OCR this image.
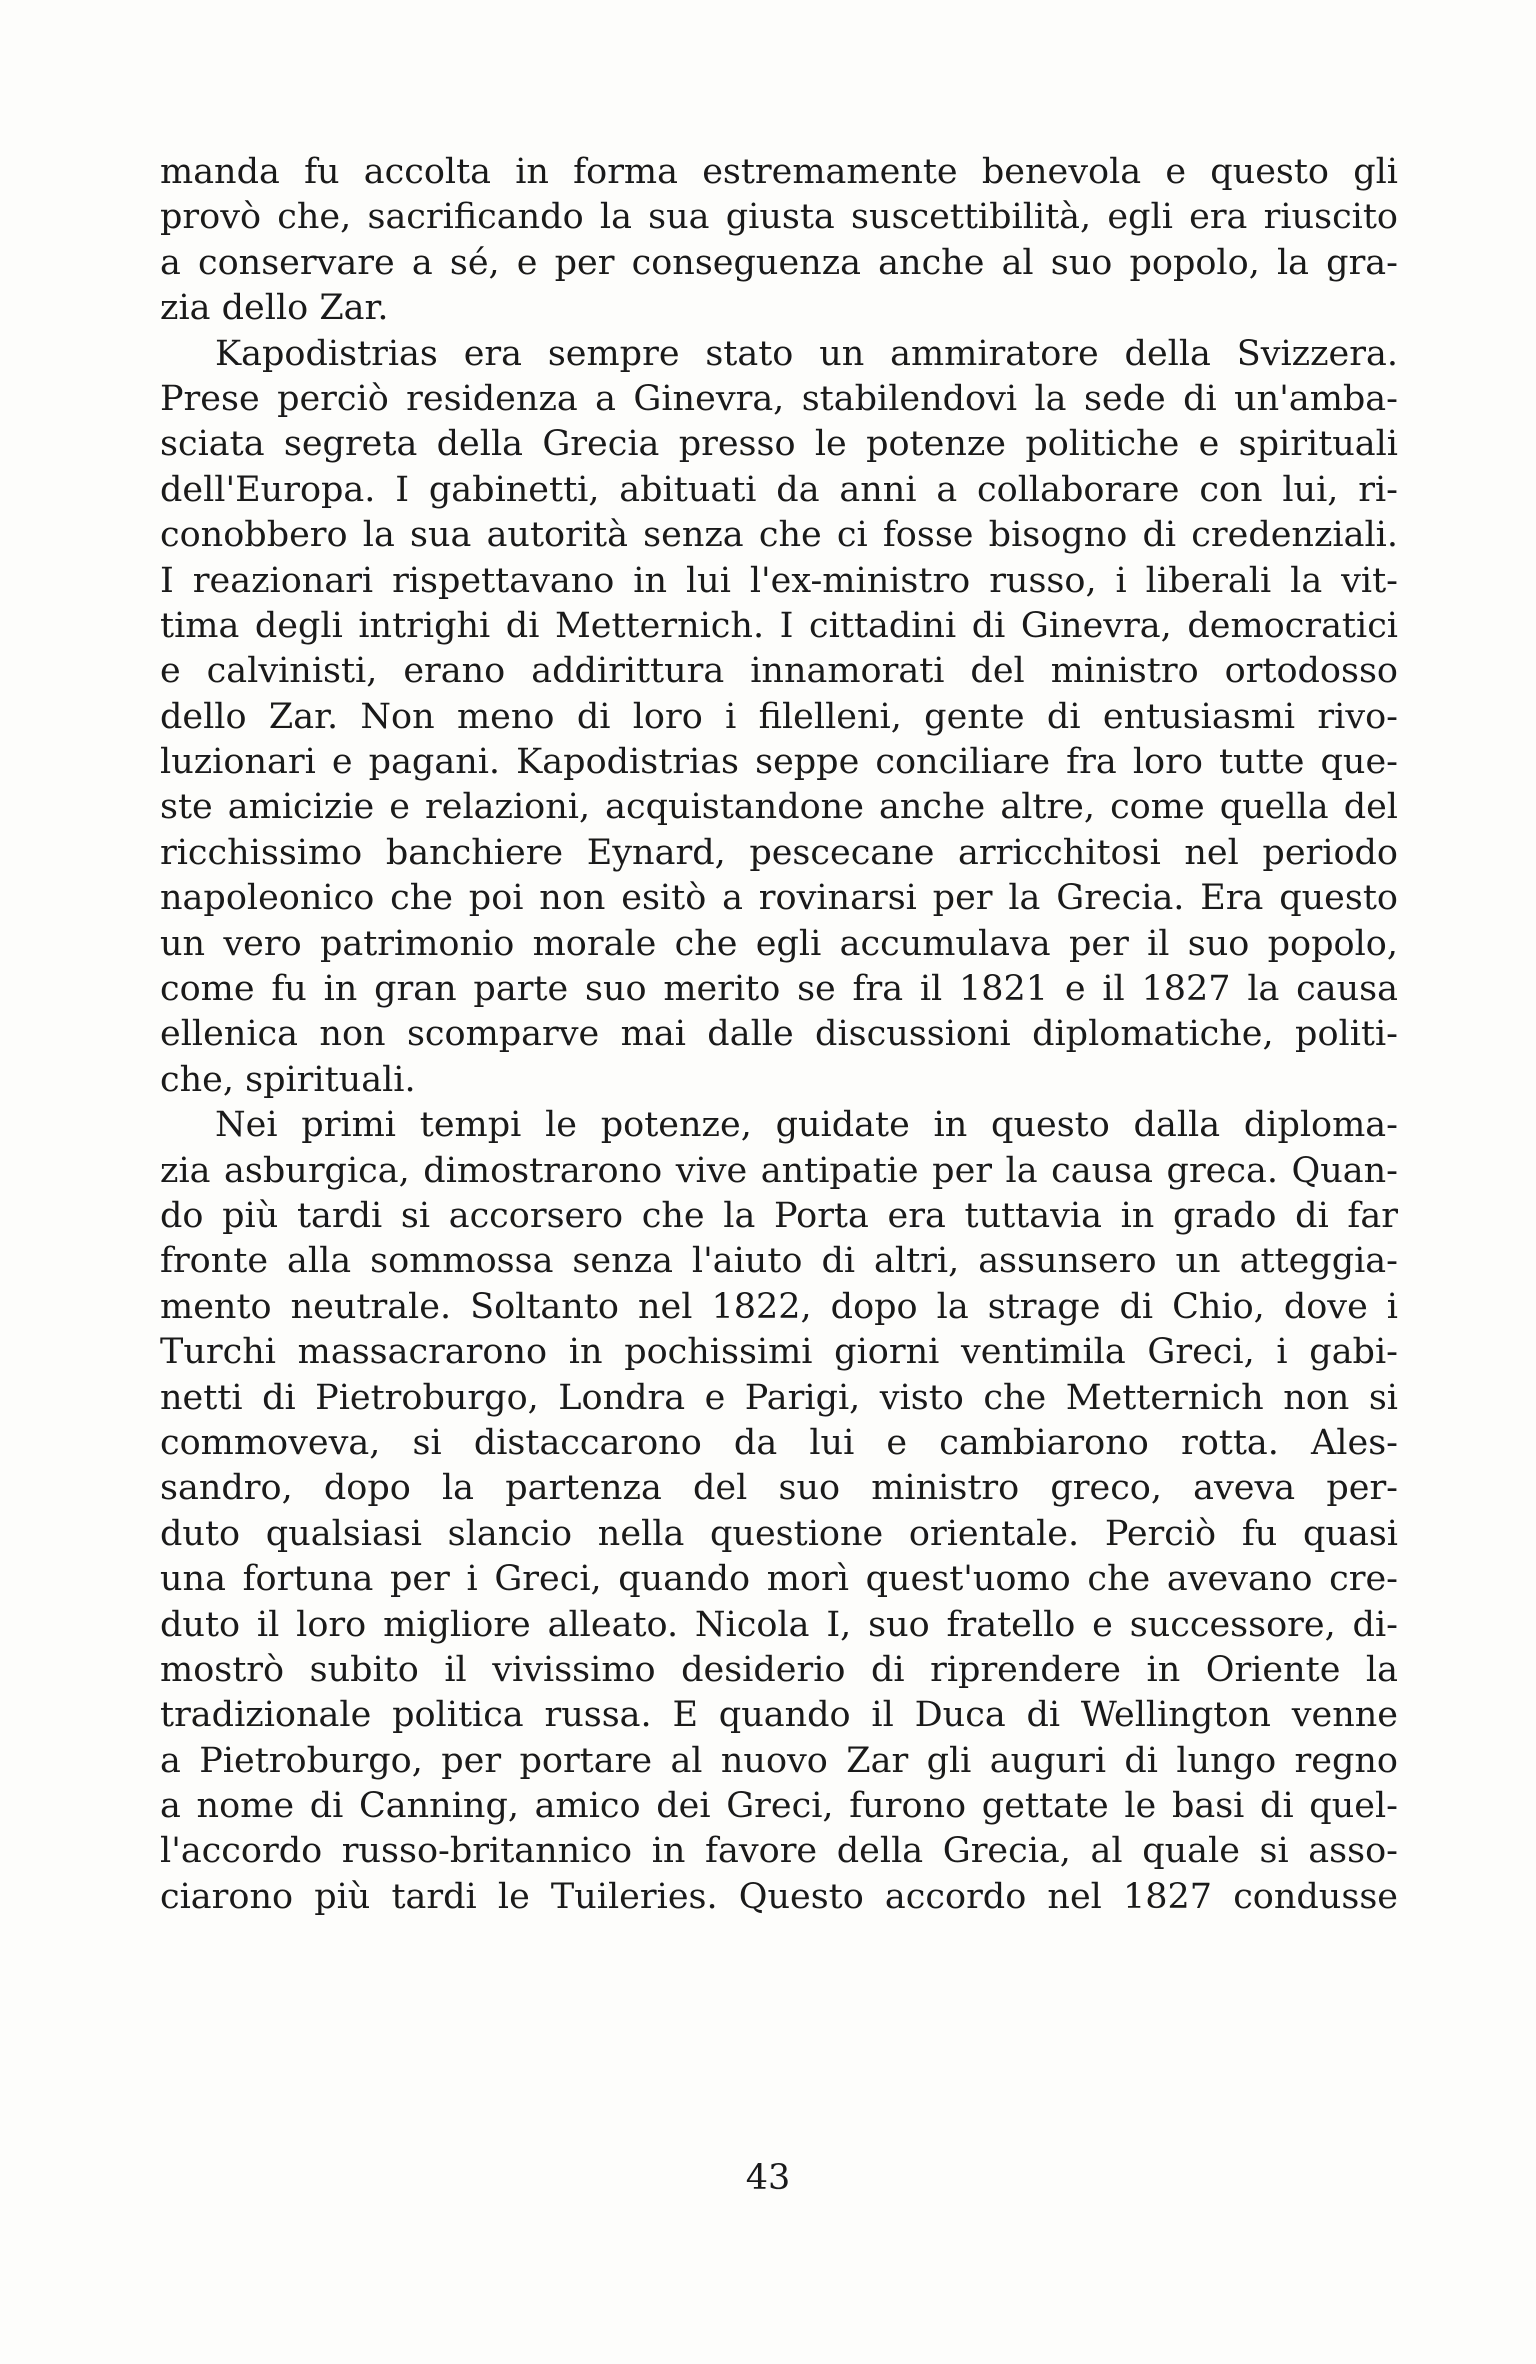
manda fu accolta in forma estremamente benevola e questo gli
provò che, sacrificando la sua giusta suscettibilità, egli era riuscito
a conservare a sé, e per conseguenza anche al suo popolo, la gra-
zia dello Zar.
Kapodistrias era sempre stato un ammiratore della Svizzera.
Prese perciò residenza a Ginevra, stabilendovi la sede di un'amba-
sciata segreta della Grecia presso le potenze politiche e spirituali
dell'Europa. I gabinetti, abituati da anni a collaborare con lui, ri-
conobbero la sua autorità senza che ci fosse bisogno di credenziali.
I reazionari rispettavano in lui l'ex-ministro russo, i liberali la vit-
tima degli intrighi di Metternich. I cittadini di Ginevra, democratici
e calvinisti, erano addirittura innamorati del ministro ortodosso
dello Zar. Non meno di loro i filelleni, gente di entusiasmi rivo-
luzionari e pagani. Kapodistrias seppe conciliare fra loro tutte que-
ste amicizie e relazioni, acquistandone anche altre, come quella del
ricchissimo banchiere Eynard, pescecane arricchitosi nel periodo
napoleonico che poi non esitò a rovinarsi per la Grecia. Era questo
un vero patrimonio morale che egli accumulava per il suo popolo,
come fu in gran parte suo merito se fra il 1821 e il 1827 la causa
ellenica non scomparve mai dalle discussioni diplomatiche, politi-
che, spirituali.
Nei primi tempi le potenze, guidate in questo dalla diploma-
zia asburgica, dimostrarono vive antipatie per la causa greca. Quan-
do più tardi si accorsero che la Porta era tuttavia in grado di far
fronte alla sommossa senza l'aiuto di altri, assunsero un atteggia-
mento neutrale. Soltanto nel 1822, dopo la strage di Chio, dove i
Turchi massacrarono in pochissimi giorni ventimila Greci, i gabi-
netti di Pietroburgo, Londra e Parigi, visto che Metternich non si
commoveva, si distaccarono da lui e cambiarono rotta. Ales-
sandro, dopo la partenza del suo ministro greco, aveva per-
duto qualsiasi slancio nella questione orientale. Perciò fu quasi
una fortuna per i Greci, quando morì quest'uomo che avevano cre-
duto il loro migliore alleato. Nicola I, suo fratello e successore, di-
mostrò subito il vivissimo desiderio di riprendere in Oriente la
tradizionale politica russa. E quando il Duca di Wellington venne
a Pietroburgo, per portare al nuovo Zar gli auguri di lungo regno
a nome di Canning, amico dei Greci, furono gettate le basi di quel-
l'accordo russo-britannico in favore della Grecia, al quale si asso-
ciarono più tardi le Tuileries. Questo accordo nel 1827 condusse
43
